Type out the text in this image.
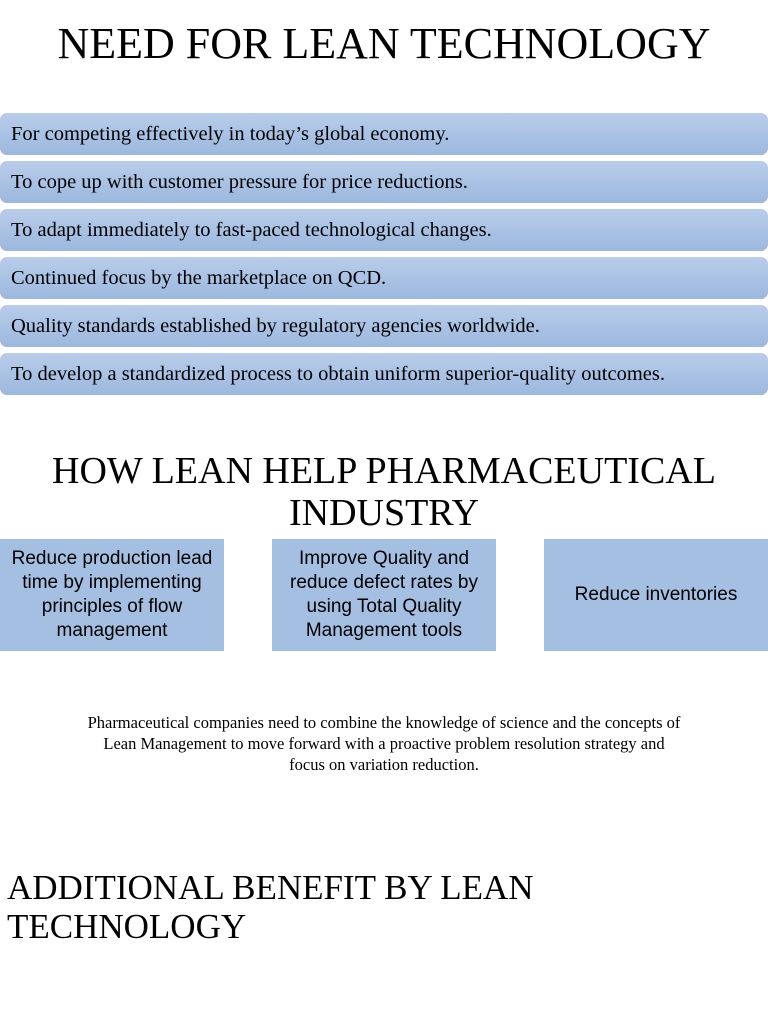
NEED FOR LEAN TECHNOLOGY
For competing effectively in today’s global economy.
To cope up with customer pressure for price reductions.
To adapt immediately to fast-paced technological changes.
Continued focus by the marketplace on QCD.
Quality standards established by regulatory agencies worldwide.
To develop a standardized process to obtain uniform superior-quality outcomes.
HOW LEAN HELP PHARMACEUTICAL INDUSTRY
Reduce production lead time by implementing principles of flow management
Improve Quality and reduce defect rates by using Total Quality Management tools
Reduce inventories

Pharmaceutical companies need to combine the knowledge of science and the concepts of Lean Management to move forward with a proactive problem resolution strategy and focus on variation reduction.

ADDITIONAL BENEFIT BY LEAN TECHNOLOGY
